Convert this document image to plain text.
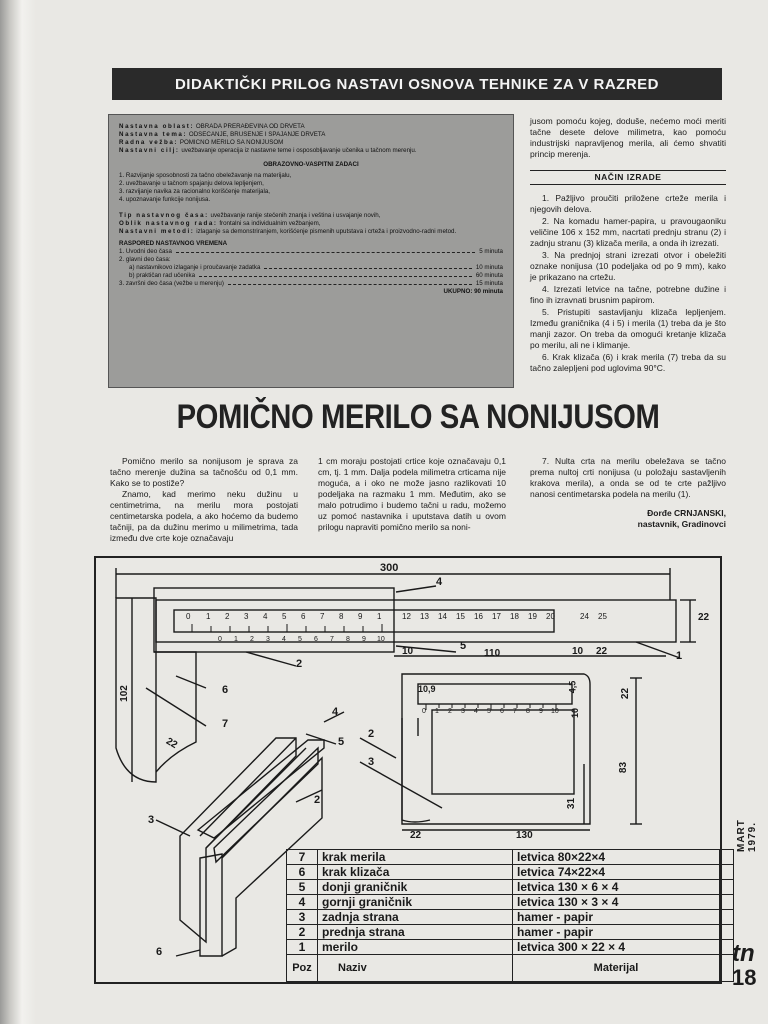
DIDAKTIČKI PRILOG NASTAVI OSNOVA TEHNIKE ZA V RAZRED
Nastavna oblast: OBRADA PRERAĐEVINA OD DRVETA
Nastavna tema: ODSECANJE, BRUŠENJE I SPAJANJE DRVETA
Radna vežba: POMIČNO MERILO SA NONIJUSOM
Nastavni cilj: uvežbavanje operacija iz nastavne teme i osposobljavanje učenika u tačnom merenju.
OBRAZOVNO-VASPITNI ZADACI
1. Razvijanje sposobnosti za tačno obeležavanje na materijalu,
2. uvežbavanje u tačnom spajanju delova lepljenjem,
3. razvijanje navika za racionalno korišćenje materijala,
4. upoznavanje funkcije nonijusa.
Tip nastavnog časa: uvežbavanje ranije stečenih znanja i veština i usvajanje novih,
Oblik nastavnog rada: frontalni sa individualnim vežbanjem,
Nastavni metodi: izlaganje sa demonstriranjem, korišćenje pismenih uputstava i crteža i proizvodno-radni metod.
RASPORED NASTAVNOG VREMENA
1. Uvodni deo časa	5 minuta
2. glavni deo časa:
a) nastavnikovo izlaganje i proučavanje zadatka	10 minuta
b) praktičan rad učenika	60 minuta
3. završni deo časa (vežbe u merenju)	15 minuta
UKUPNO: 90 minuta

jusom pomoću kojeg, doduše, nećemo moći meriti tačne desete delove milimetra, kao pomoću industrijski napravljenog merila, ali ćemo shvatiti princip merenja.

NAČIN IZRADE

1. Pažljivo proučiti priložene crteže merila i njegovih delova.

2. Na komadu hamer-papira, u pravougaoniku veličine 106 x 152 mm, nacrtati prednju stranu (2) i zadnju stranu (3) klizača merila, a onda ih izrezati.

3. Na prednjoj strani izrezati otvor i obeležiti oznake nonijusa (10 podeljaka od po 9 mm), kako je prikazano na crtežu.

4. Izrezati letvice na tačne, potrebne dužine i fino ih izravnati brusnim papirom.

5. Pristupiti sastavljanju klizača lepljenjem. Između graničnika (4 i 5) i merila (1) treba da je što manji zazor. On treba da omogući kretanje klizača po merilu, ali ne i klimanje.

6. Krak klizača (6) i krak merila (7) treba da su tačno zalepljeni pod uglovima 90°C.

POMIČNO MERILO SA NONIJUSOM

Pomično merilo sa nonijusom je sprava za tačno merenje dužina sa tačnošću od 0,1 mm. Kako se to postiže?

Znamo, kad merimo neku dužinu u centimetrima, na merilu mora postojati centimetarska podela, a ako hoćemo da budemo tačniji, pa da dužinu merimo u milimetrima, tada između dve crte koje označavaju

1 cm moraju postojati crtice koje označavaju 0,1 cm, tj. 1 mm. Dalja podela milimetra crticama nije moguća, a i oko ne može jasno razlikovati 10 podeljaka na razmaku 1 mm. Međutim, ako se malo potrudimo i budemo tačni u radu, možemo uz pomoć nastavnika i uputstava datih u ovom prilogu napraviti pomično merilo sa noni-

7. Nulta crta na merilu obeležava se tačno prema nultoj crti nonijusa (u položaju sastavljenih krakova merila), a onda se od te crte pažljivo nanosi centimetarska podela na merilu (1).

Đorđe CRNJANSKI,
nastavnik, Gradinovci
0 1 2 3 4 5 6 7 8 9 1	12 13 14 15 16 17 18 19 20	24 25
0 1 2 3 4 5 6 7 8 9 10
0 1 2 3 4 5 6 7 8 9 10
300
22
102
22
10	110	10 22
10,9	4,5
10
22
83
31
22	130
4
1
2
5
6
7
4
5
2
3
6
2
3
7	krak merila	letvica 80×22×4	
6	krak klizača	letvica 74×22×4	
5	donji graničnik	letvica 130 × 6 × 4	
4	gornji graničnik	letvica 130 × 3 × 4	
3	zadnja strana	hamer - papir	
2	prednja strana	hamer - papir	
1	merilo	letvica 300 × 22 × 4	
Poz	Naziv	Materijal	
MART 1979.
tn
18
